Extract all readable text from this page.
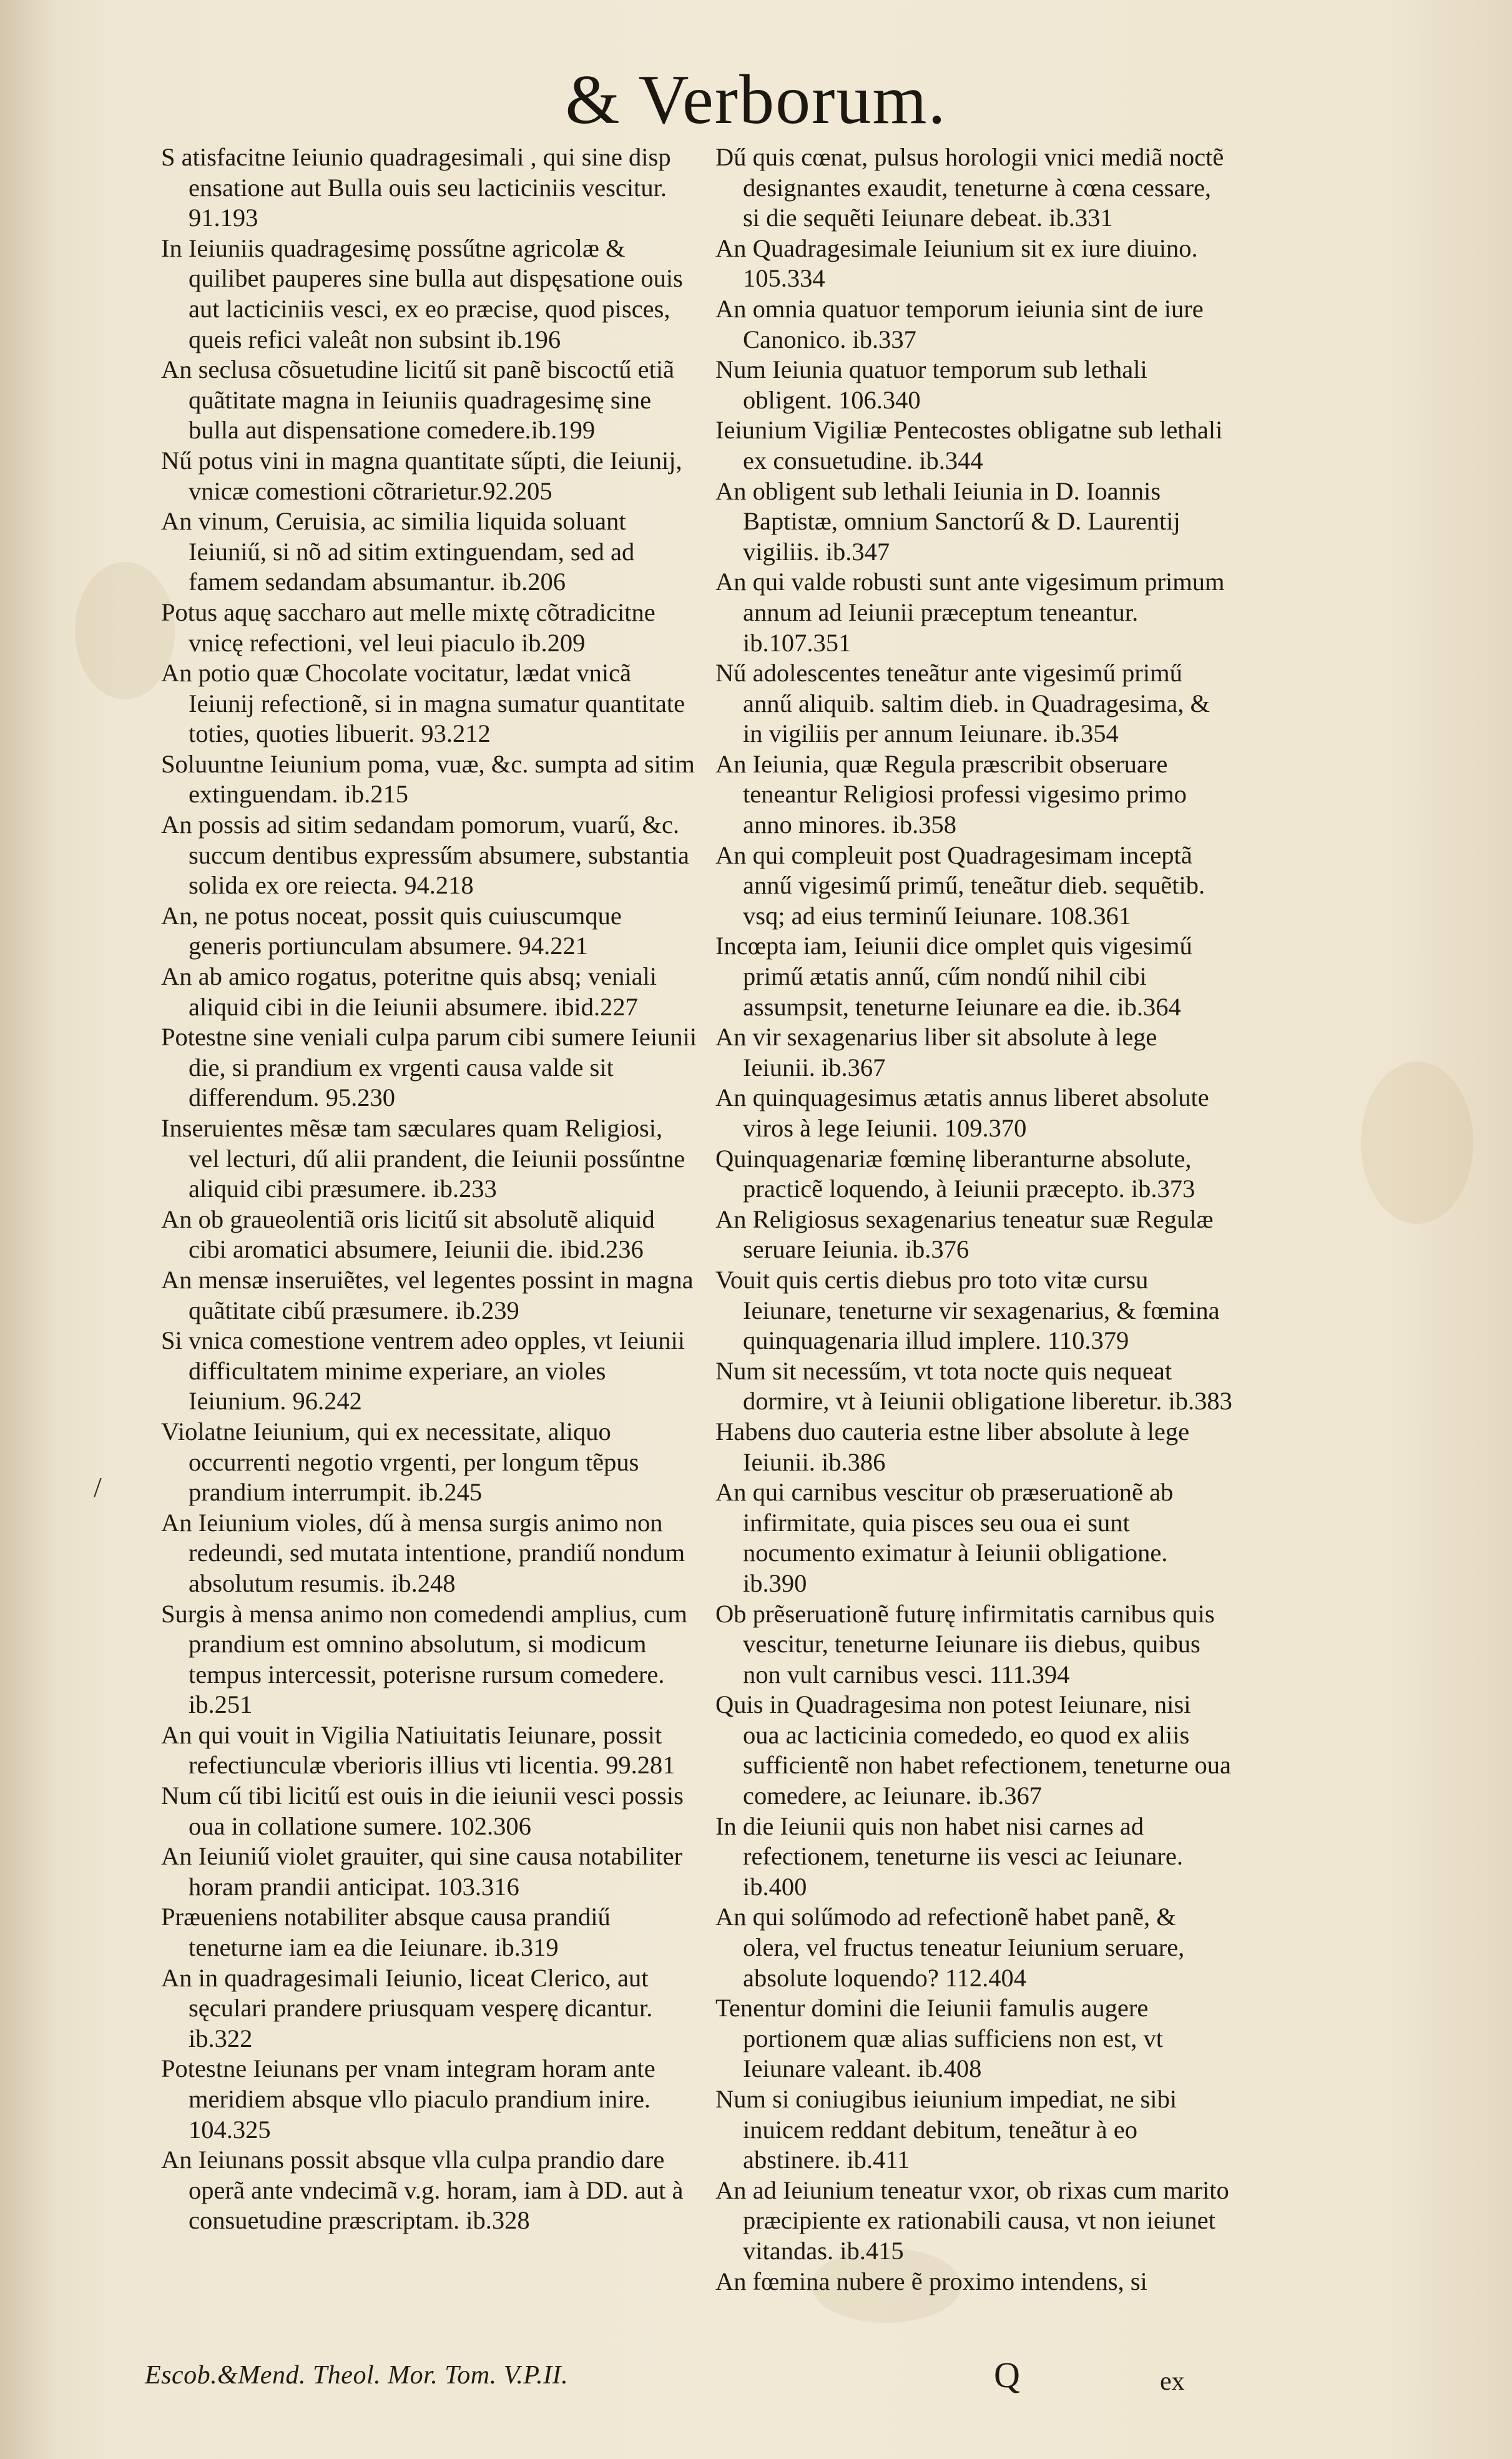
& Verborum.

S atisfacitne Ieiunio quadragesimali , qui sine disp ensatione aut Bulla ouis seu lacticiniis vescitur. 91.193

In Ieiuniis quadragesimę possűtne agricolæ & quilibet pauperes sine bulla aut dispęsatione ouis aut lacticiniis vesci, ex eo præcise, quod pisces, queis refici valeât non subsint ib.196

An seclusa cõsuetudine licitű sit panẽ biscoctű etiã quãtitate magna in Ieiuniis quadragesimę sine bulla aut dispensatione comedere.ib.199

Nű potus vini in magna quantitate sűpti, die Ieiunij, vnicæ comestioni cõtrarietur.92.205

An vinum, Ceruisia, ac similia liquida soluant Ieiuniű, si nõ ad sitim extinguendam, sed ad famem sedandam absumantur. ib.206

Potus aquę saccharo aut melle mixtę cõtradicitne vnicę refectioni, vel leui piaculo ib.209

An potio quæ Chocolate vocitatur, lædat vnicã Ieiunij refectionẽ, si in magna sumatur quantitate toties, quoties libuerit. 93.212

Soluuntne Ieiunium poma, vuæ, &c. sumpta ad sitim extinguendam. ib.215

An possis ad sitim sedandam pomorum, vuarű, &c. succum dentibus expressűm absumere, substantia solida ex ore reiecta. 94.218

An, ne potus noceat, possit quis cuiuscumque generis portiunculam absumere. 94.221

An ab amico rogatus, poteritne quis absq; veniali aliquid cibi in die Ieiunii absumere. ibid.227

Potestne sine veniali culpa parum cibi sumere Ieiunii die, si prandium ex vrgenti causa valde sit differendum. 95.230

Inseruientes mẽsæ tam sæculares quam Religiosi, vel lecturi, dű alii prandent, die Ieiunii possűntne aliquid cibi præsumere. ib.233

An ob graueolentiã oris licitű sit absolutẽ aliquid cibi aromatici absumere, Ieiunii die. ibid.236

An mensæ inseruiẽtes, vel legentes possint in magna quãtitate cibű præsumere. ib.239

Si vnica comestione ventrem adeo opples, vt Ieiunii difficultatem minime experiare, an violes Ieiunium. 96.242

Violatne Ieiunium, qui ex necessitate, aliquo occurrenti negotio vrgenti, per longum tẽpus prandium interrumpit. ib.245

An Ieiunium violes, dű à mensa surgis animo non redeundi, sed mutata intentione, prandiű nondum absolutum resumis. ib.248

Surgis à mensa animo non comedendi amplius, cum prandium est omnino absolutum, si modicum tempus intercessit, poterisne rursum comedere. ib.251

An qui vouit in Vigilia Natiuitatis Ieiunare, possit refectiunculæ vberioris illius vti licentia. 99.281

Num cű tibi licitű est ouis in die ieiunii vesci possis oua in collatione sumere. 102.306

An Ieiuniű violet grauiter, qui sine causa notabiliter horam prandii anticipat. 103.316

Præueniens notabiliter absque causa prandiű teneturne iam ea die Ieiunare. ib.319

An in quadragesimali Ieiunio, liceat Clerico, aut sęculari prandere priusquam vesperę dicantur. ib.322

Potestne Ieiunans per vnam integram horam ante meridiem absque vllo piaculo prandium inire. 104.325

An Ieiunans possit absque vlla culpa prandio dare operã ante vndecimã v.g. horam, iam à DD. aut à consuetudine præscriptam. ib.328

Dű quis cœnat, pulsus horologii vnici mediã noctẽ designantes exaudit, teneturne à cœna cessare, si die sequẽti Ieiunare debeat. ib.331

An Quadragesimale Ieiunium sit ex iure diuino. 105.334

An omnia quatuor temporum ieiunia sint de iure Canonico. ib.337

Num Ieiunia quatuor temporum sub lethali obligent. 106.340

Ieiunium Vigiliæ Pentecostes obligatne sub lethali ex consuetudine. ib.344

An obligent sub lethali Ieiunia in D. Ioannis Baptistæ, omnium Sanctorű & D. Laurentij vigiliis. ib.347

An qui valde robusti sunt ante vigesimum primum annum ad Ieiunii præceptum teneantur. ib.107.351

Nű adolescentes teneãtur ante vigesimű primű annű aliquib. saltim dieb. in Quadragesima, & in vigiliis per annum Ieiunare. ib.354

An Ieiunia, quæ Regula præscribit obseruare teneantur Religiosi professi vigesimo primo anno minores. ib.358

An qui compleuit post Quadragesimam inceptã annű vigesimű primű, teneãtur dieb. sequẽtib. vsq; ad eius terminű Ieiunare. 108.361

Incœpta iam, Ieiunii dice omplet quis vigesimű primű ætatis annű, cűm nondű nihil cibi assumpsit, teneturne Ieiunare ea die. ib.364

An vir sexagenarius liber sit absolute à lege Ieiunii. ib.367

An quinquagesimus ætatis annus liberet absolute viros à lege Ieiunii. 109.370

Quinquagenariæ fœminę liberanturne absolute, practicẽ loquendo, à Ieiunii præcepto. ib.373

An Religiosus sexagenarius teneatur suæ Regulæ seruare Ieiunia. ib.376

Vouit quis certis diebus pro toto vitæ cursu Ieiunare, teneturne vir sexagenarius, & fœmina quinquagenaria illud implere. 110.379

Num sit necessűm, vt tota nocte quis nequeat dormire, vt à Ieiunii obligatione liberetur. ib.383

Habens duo cauteria estne liber absolute à lege Ieiunii. ib.386

An qui carnibus vescitur ob præseruationẽ ab infirmitate, quia pisces seu oua ei sunt nocumento eximatur à Ieiunii obligatione. ib.390

Ob prẽseruationẽ futurę infirmitatis carnibus quis vescitur, teneturne Ieiunare iis diebus, quibus non vult carnibus vesci. 111.394

Quis in Quadragesima non potest Ieiunare, nisi oua ac lacticinia comededo, eo quod ex aliis sufficientẽ non habet refectionem, teneturne oua comedere, ac Ieiunare. ib.367

In die Ieiunii quis non habet nisi carnes ad refectionem, teneturne iis vesci ac Ieiunare. ib.400

An qui solűmodo ad refectionẽ habet panẽ, & olera, vel fructus teneatur Ieiunium seruare, absolute loquendo? 112.404

Tenentur domini die Ieiunii famulis augere portionem quæ alias sufficiens non est, vt Ieiunare valeant. ib.408

Num si coniugibus ieiunium impediat, ne sibi inuicem reddant debitum, teneãtur à eo abstinere. ib.411

An ad Ieiunium teneatur vxor, ob rixas cum marito præcipiente ex rationabili causa, vt non ieiunet vitandas. ib.415

An fœmina nubere ẽ proximo intendens, si

/
Escob.&Mend. Theol. Mor. Tom. V.P.II.	Q	ex
